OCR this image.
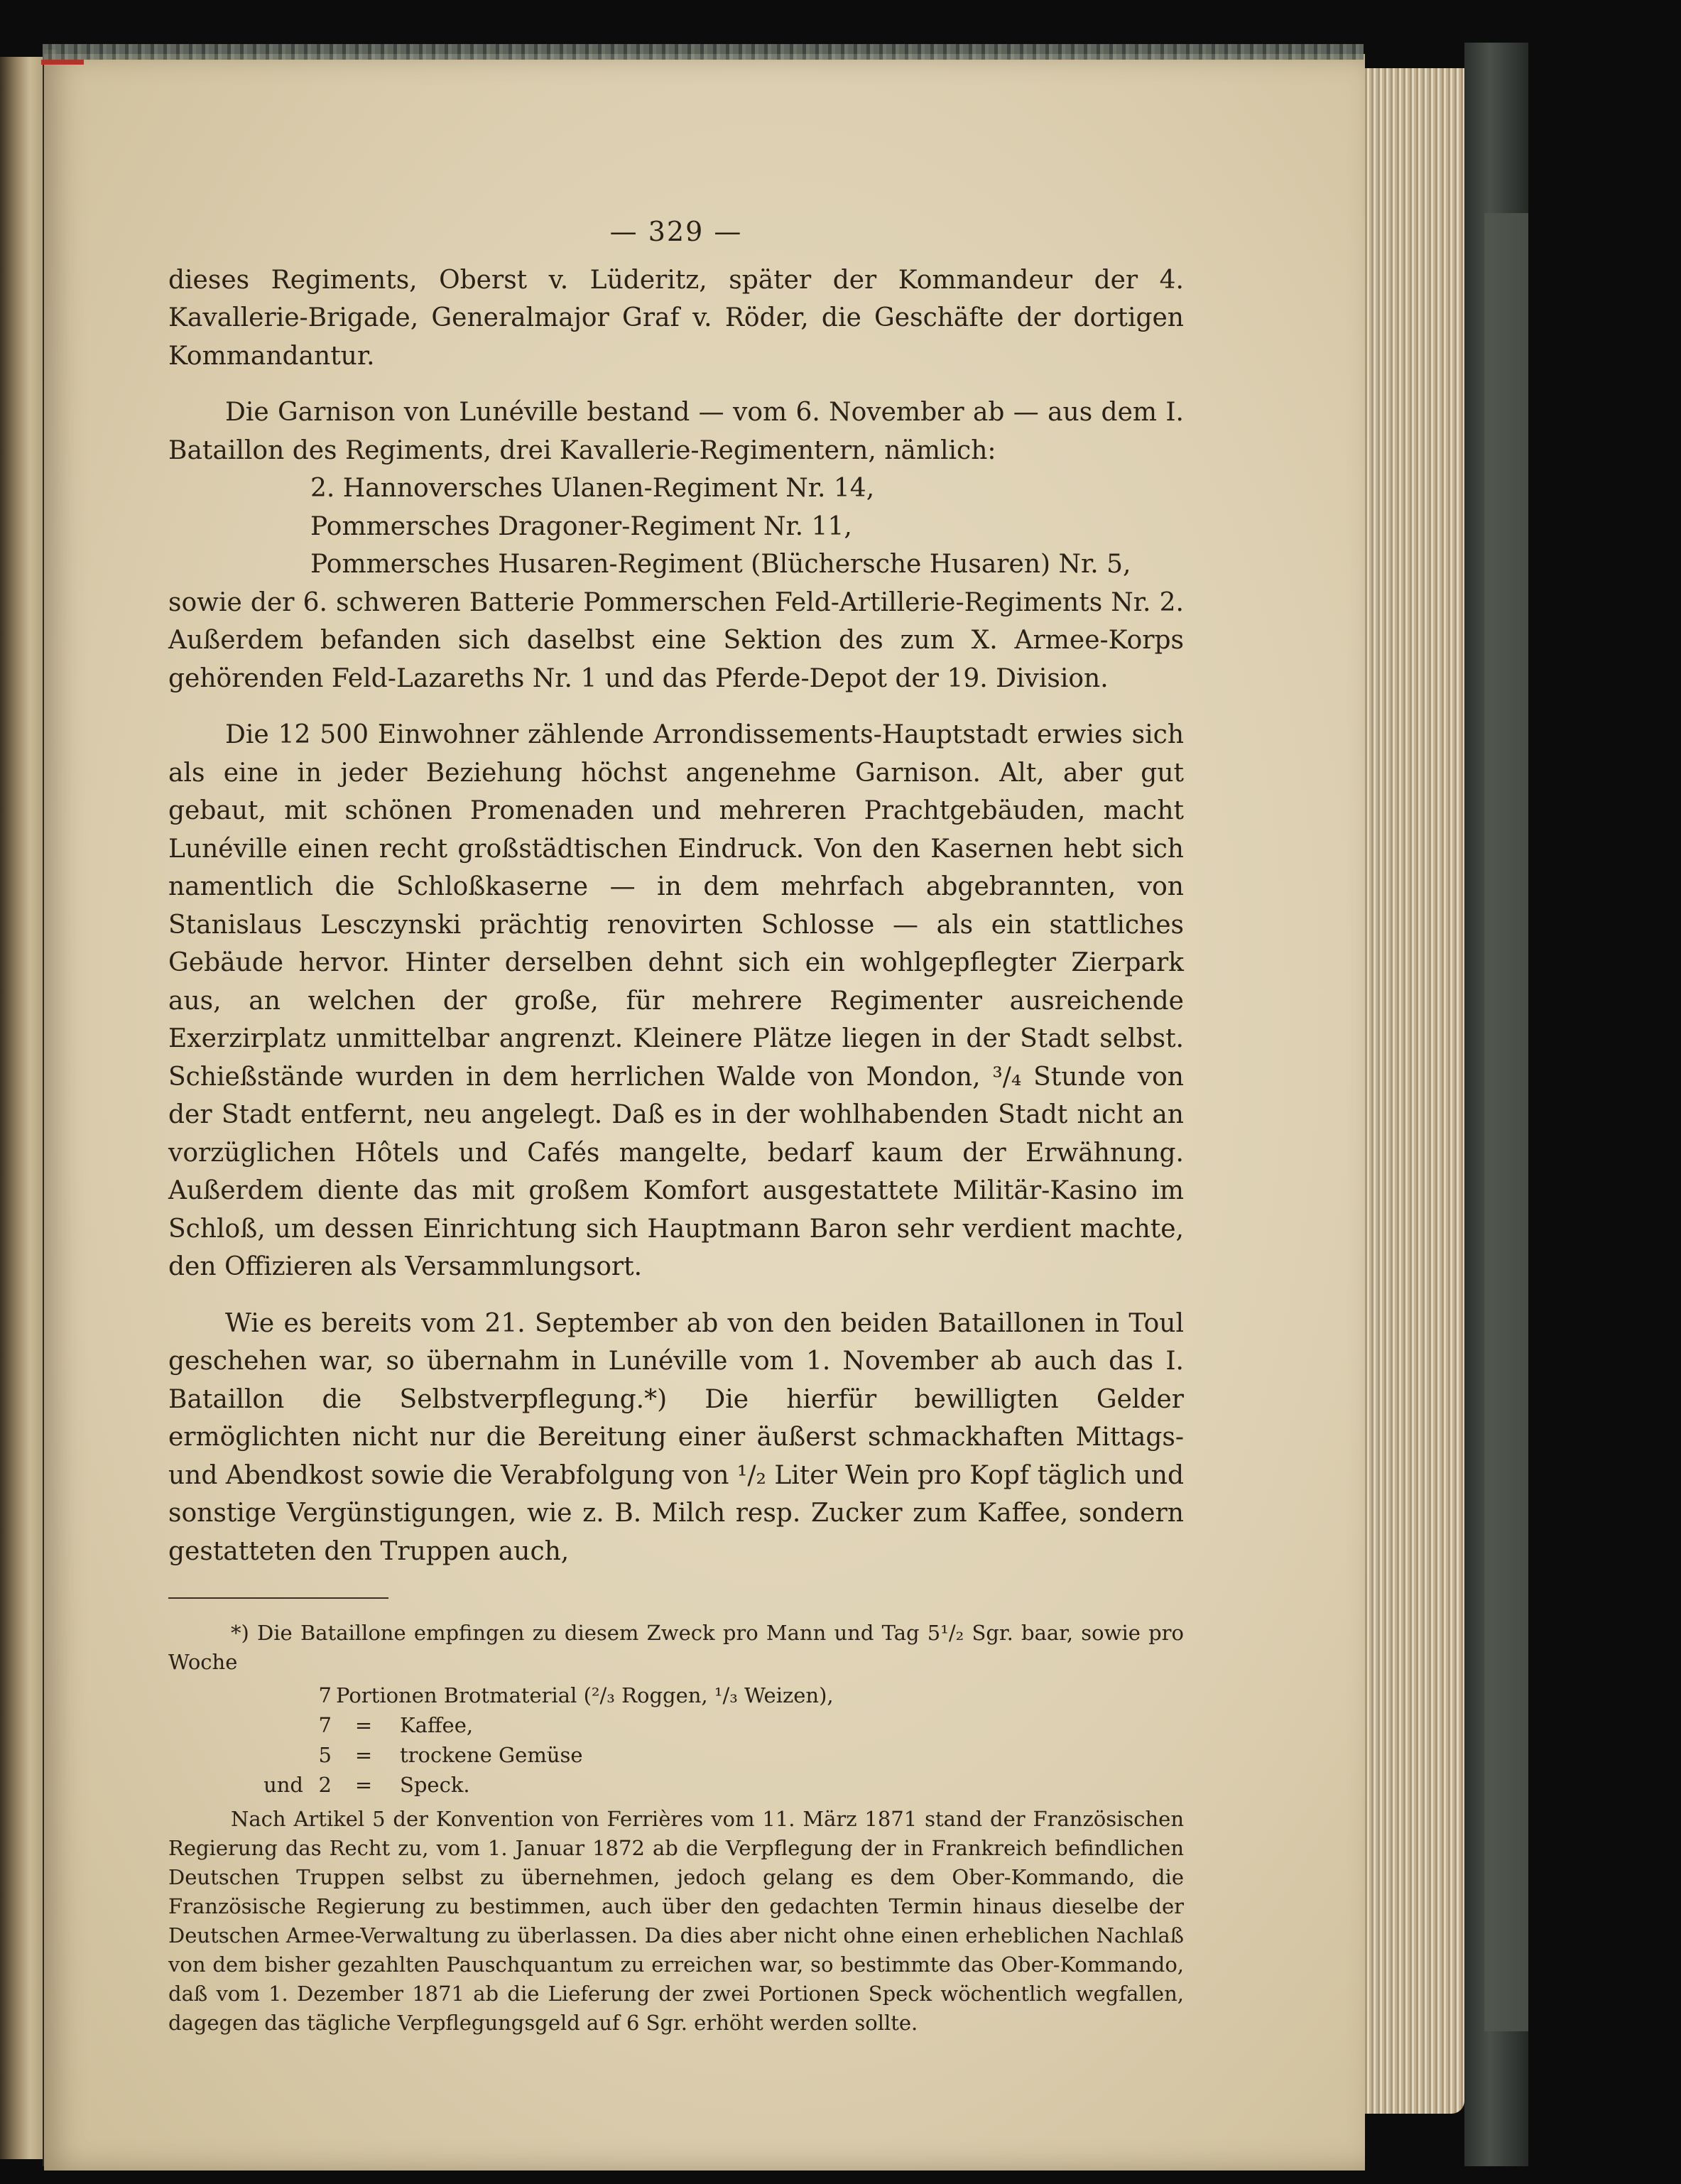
— 329 —

dieses Regiments, Oberst v. Lüderitz, später der Kommandeur der 4. Kavallerie-Brigade, Generalmajor Graf v. Röder, die Geschäfte der dortigen Kommandantur.

Die Garnison von Lunéville bestand — vom 6. November ab — aus dem I. Bataillon des Regiments, drei Kavallerie-Regimentern, nämlich:

2. Hannoversches Ulanen-Regiment Nr. 14,
Pommersches Dragoner-Regiment Nr. 11,
Pommersches Husaren-Regiment (Blüchersche Husaren) Nr. 5,

sowie der 6. schweren Batterie Pommerschen Feld-Artillerie-Regiments Nr. 2. Außerdem befanden sich daselbst eine Sektion des zum X. Armee-Korps gehörenden Feld-Lazareths Nr. 1 und das Pferde-Depot der 19. Division.

Die 12 500 Einwohner zählende Arrondissements-Hauptstadt erwies sich als eine in jeder Beziehung höchst angenehme Garnison. Alt, aber gut gebaut, mit schönen Promenaden und mehreren Prachtgebäuden, macht Lunéville einen recht großstädtischen Eindruck. Von den Kasernen hebt sich namentlich die Schloßkaserne — in dem mehrfach abgebrannten, von Stanislaus Lesczynski prächtig renovirten Schlosse — als ein stattliches Gebäude hervor. Hinter derselben dehnt sich ein wohlgepflegter Zierpark aus, an welchen der große, für mehrere Regimenter ausreichende Exerzirplatz unmittelbar angrenzt. Kleinere Plätze liegen in der Stadt selbst. Schießstände wurden in dem herrlichen Walde von Mondon, ³/₄ Stunde von der Stadt entfernt, neu angelegt. Daß es in der wohlhabenden Stadt nicht an vorzüglichen Hôtels und Cafés mangelte, bedarf kaum der Erwähnung. Außerdem diente das mit großem Komfort ausgestattete Militär-Kasino im Schloß, um dessen Einrichtung sich Hauptmann Baron sehr verdient machte, den Offizieren als Versammlungsort.

Wie es bereits vom 21. September ab von den beiden Bataillonen in Toul geschehen war, so übernahm in Lunéville vom 1. November ab auch das I. Bataillon die Selbstverpflegung.*) Die hierfür bewilligten Gelder ermöglichten nicht nur die Bereitung einer äußerst schmackhaften Mittags- und Abendkost sowie die Verabfolgung von ¹/₂ Liter Wein pro Kopf täglich und sonstige Vergünstigungen, wie z. B. Milch resp. Zucker zum Kaffee, sondern gestatteten den Truppen auch,

*) Die Bataillone empfingen zu diesem Zweck pro Mann und Tag 5¹/₂ Sgr. baar, sowie pro Woche

	7	Portionen Brotmaterial (²/₃ Roggen, ¹/₃ Weizen),	
	7	=	Kaffee,
	5	=	trockene Gemüse
und	2	=	Speck.

Nach Artikel 5 der Konvention von Ferrières vom 11. März 1871 stand der Französischen Regierung das Recht zu, vom 1. Januar 1872 ab die Verpflegung der in Frankreich befindlichen Deutschen Truppen selbst zu übernehmen, jedoch gelang es dem Ober-Kommando, die Französische Regierung zu bestimmen, auch über den gedachten Termin hinaus dieselbe der Deutschen Armee-Verwaltung zu überlassen. Da dies aber nicht ohne einen erheblichen Nachlaß von dem bisher gezahlten Pauschquantum zu erreichen war, so bestimmte das Ober-Kommando, daß vom 1. Dezember 1871 ab die Lieferung der zwei Portionen Speck wöchentlich wegfallen, dagegen das tägliche Verpflegungsgeld auf 6 Sgr. erhöht werden sollte.
